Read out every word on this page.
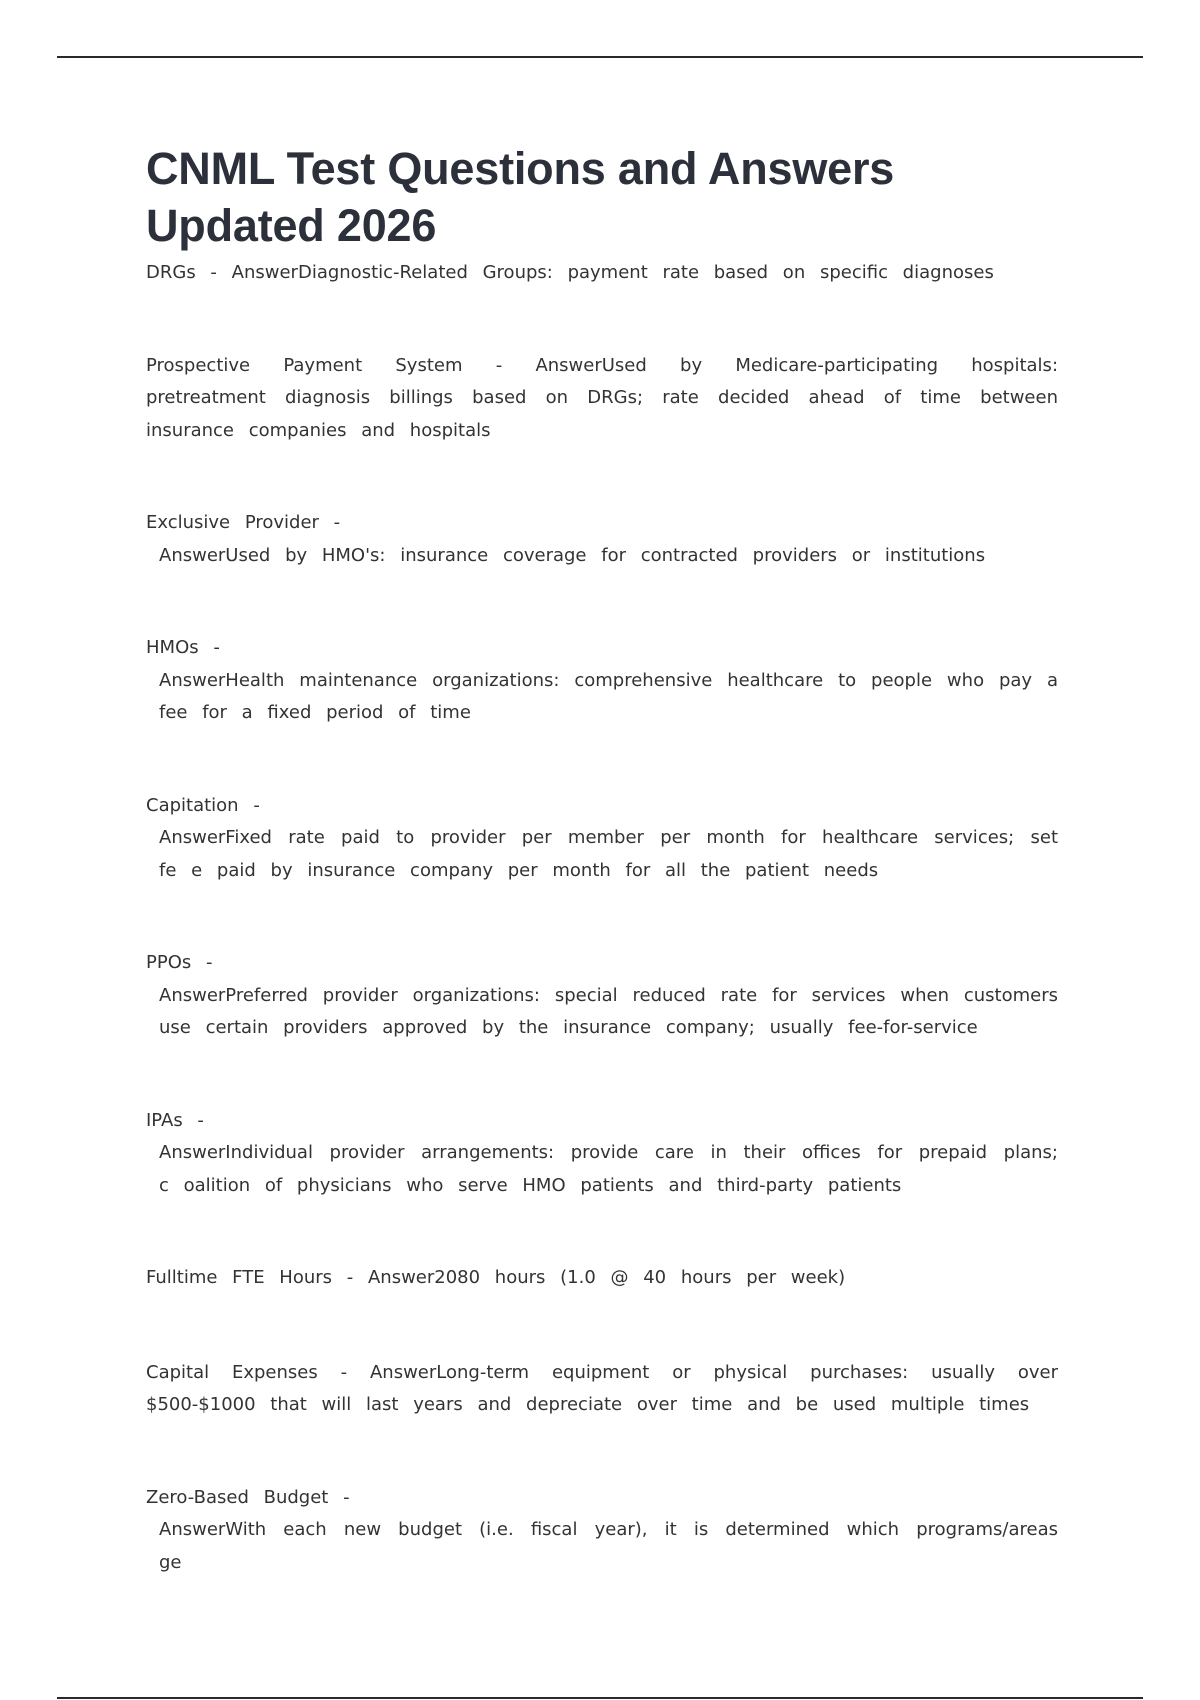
CNML Test Questions and Answers Updated 2026
DRGs - AnswerDiagnostic-Related Groups: payment rate based on specific diagnoses
Prospective Payment System - AnswerUsed by Medicare-participating hospitals: pretreatment diagnosis billings based on DRGs; rate decided ahead of time between insurance companies and hospitals
Exclusive Provider -
AnswerUsed by HMO's: insurance coverage for contracted providers or institutions
HMOs -
AnswerHealth maintenance organizations: comprehensive healthcare to people who pay a fee for a fixed period of time
Capitation -
AnswerFixed rate paid to provider per member per month for healthcare services; set fe e paid by insurance company per month for all the patient needs
PPOs -
AnswerPreferred provider organizations: special reduced rate for services when customers use certain providers approved by the insurance company; usually fee-for-service
IPAs -
AnswerIndividual provider arrangements: provide care in their offices for prepaid plans; c oalition of physicians who serve HMO patients and third-party patients
Fulltime FTE Hours - Answer2080 hours (1.0 @ 40 hours per week)
Capital Expenses - AnswerLong-term equipment or physical purchases: usually over $500-$1000 that will last years and depreciate over time and be used multiple times
Zero-Based Budget -
AnswerWith each new budget (i.e. fiscal year), it is determined which programs/areas ge
